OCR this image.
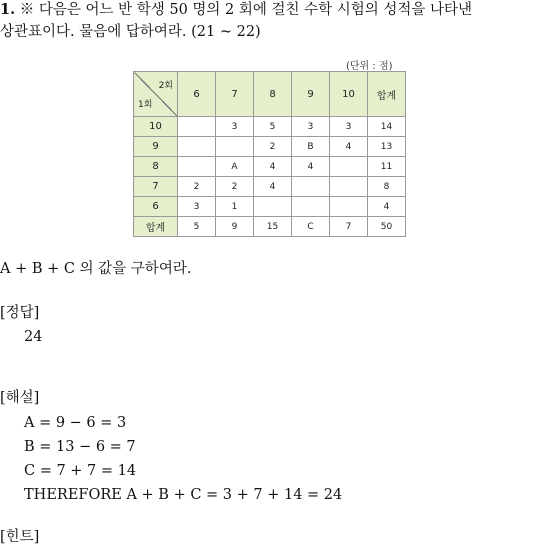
1. ※ 다음은 어느 반 학생 50 명의 2 회에 걸친 수학 시험의 성적을 나타낸
상관표이다. 물음에 답하여라. (21 ~ 22)
(단위 : 점)
2회
1회	6	7	8	9	10	합계
10		3	5	3	3	14
9			2	B	4	13
8		A	4	4		11
7	2	2	4			8
6	3	1				4
합계	5	9	15	C	7	50
A + B + C 의 값을 구하여라.
[정답]
24
[해설]
A = 9 − 6 = 3
B = 13 − 6 = 7
C = 7 + 7 = 14
THEREFORE A + B + C = 3 + 7 + 14 = 24
[힌트]
